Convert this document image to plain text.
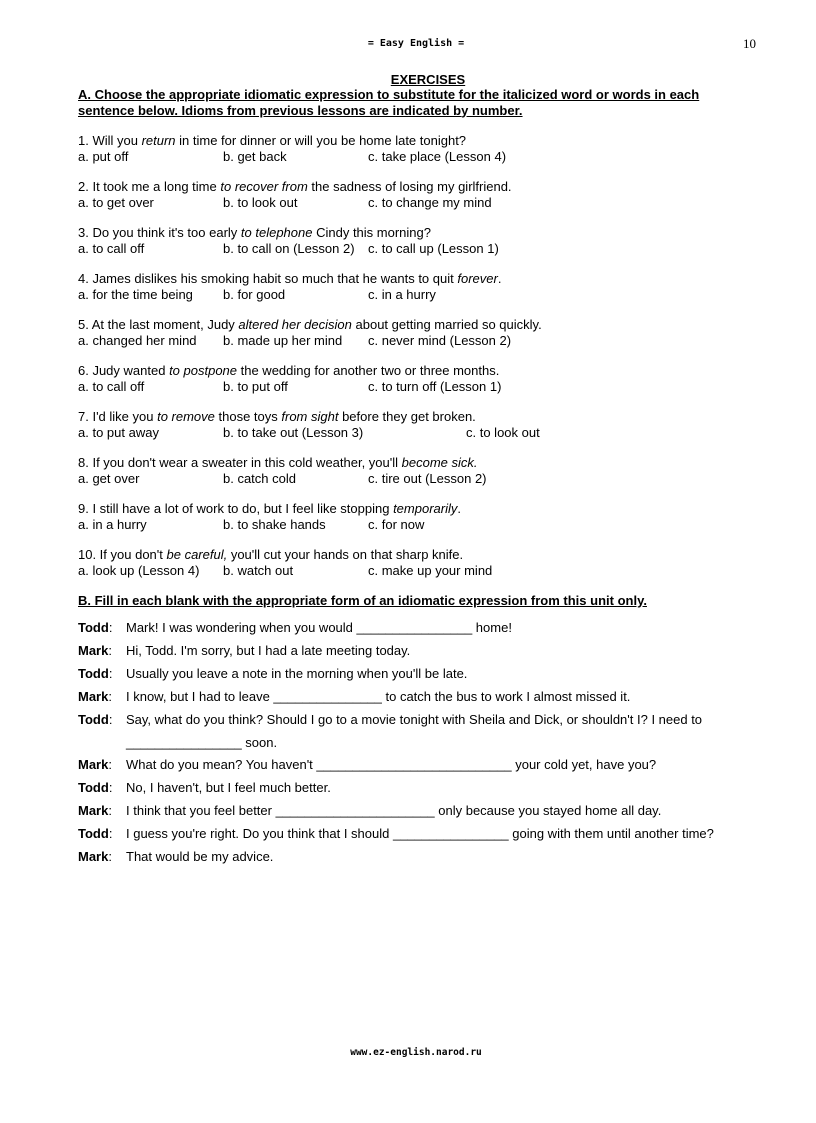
= Easy English =	10
EXERCISES
A. Choose the appropriate idiomatic expression to substitute for the italicized word or words in each sentence below. Idioms from previous lessons are indicated by number.
1. Will you return in time for dinner or will you be home late tonight?
a. put off	b. get back	c. take place (Lesson 4)
2. It took me a long time to recover from the sadness of losing my girlfriend.
a. to get over	b. to look out	c. to change my mind
3. Do you think it's too early to telephone Cindy this morning?
a. to call off	b. to call on (Lesson 2) c. to call up (Lesson 1)
4. James dislikes his smoking habit so much that he wants to quit forever.
a. for the time being b. for good	c. in a hurry
5. At the last moment, Judy altered her decision about getting married so quickly.
a. changed her mind b. made up her mind c. never mind (Lesson 2)
6. Judy wanted to postpone the wedding for another two or three months.
a. to call off	b. to put off	c. to turn off (Lesson 1)
7. I'd like you to remove those toys from sight before they get broken.
a. to put away	b. to take out (Lesson 3)	c. to look out
8. If you don't wear a sweater in this cold weather, you'll become sick.
a. get over	b. catch cold	c. tire out (Lesson 2)
9. I still have a lot of work to do, but I feel like stopping temporarily.
a. in a hurry	b. to shake hands	c. for now
10. If you don't be careful, you'll cut your hands on that sharp knife.
a. look up (Lesson 4) b. watch out	c. make up your mind
B. Fill in each blank with the appropriate form of an idiomatic expression from this unit only.
Todd: Mark! I was wondering when you would ________________ home!
Mark: Hi, Todd. I'm sorry, but I had a late meeting today.
Todd: Usually you leave a note in the morning when you'll be late.
Mark: I know, but I had to leave _______________ to catch the bus to work I almost missed it.
Todd: Say, what do you think? Should I go to a movie tonight with Sheila and Dick, or shouldn't I? I need to ________________ soon.
Mark: What do you mean? You haven't ___________________________ your cold yet, have you?
Todd: No, I haven't, but I feel much better.
Mark: I think that you feel better ______________________ only because you stayed home all day.
Todd: I guess you're right. Do you think that I should ________________ going with them until another time?
Mark: That would be my advice.
www.ez-english.narod.ru
